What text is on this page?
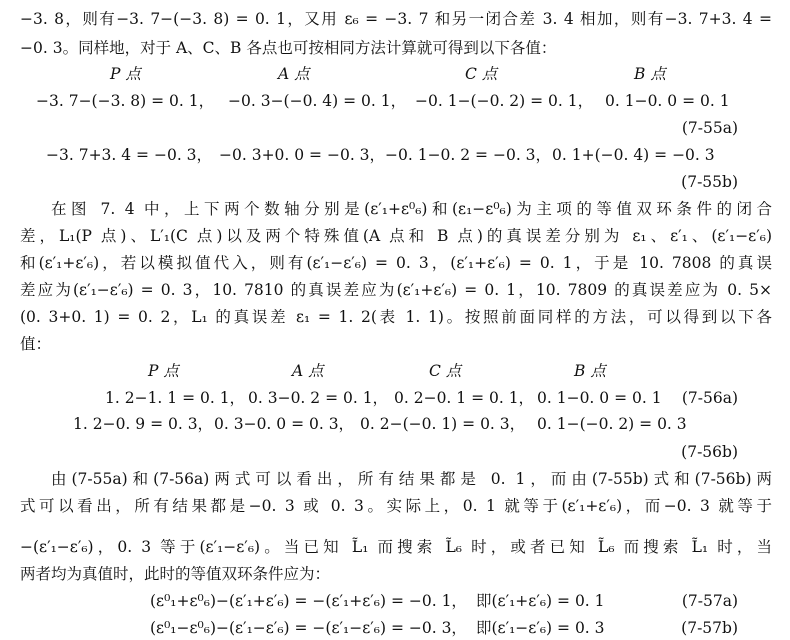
−3. 8，则有−3. 7−(−3. 8) = 0. 1，又用 ε₆ = −3. 7 和另一闭合差 3. 4 相加，则有−3. 7+3. 4 =
−0. 3。同样地，对于 A、C、B 各点也可按相同方法计算就可得到以下各值：
P 点	A 点	C 点	B 点
−3. 7−(−3. 8) = 0. 1， −0. 3−(−0. 4) = 0. 1， −0. 1−(−0. 2) = 0. 1， 0. 1−0. 0 = 0. 1
(7-55a)
−3. 7+3. 4 = −0. 3， −0. 3+0. 0 = −0. 3， −0. 1−0. 2 = −0. 3， 0. 1+(−0. 4) = −0. 3
(7-55b)
在图 7. 4 中，上下两个数轴分别是(ε′₁+ε⁰₆)和(ε₁−ε⁰₆)为主项的等值双环条件的闭合
差，L₁(P 点)、L′₁(C 点)以及两个特殊值(A 点和 B 点)的真误差分别为 ε₁、ε′₁、(ε′₁−ε′₆)
和(ε′₁+ε′₆)，若以模拟值代入，则有(ε′₁−ε′₆) = 0. 3，(ε′₁+ε′₆) = 0. 1，于是 10. 7808 的真误
差应为(ε′₁−ε′₆) = 0. 3，10. 7810 的真误差应为(ε′₁+ε′₆) = 0. 1，10. 7809 的真误差应为 0. 5×
(0. 3+0. 1) = 0. 2，L₁ 的真误差 ε₁ = 1. 2(表 1. 1)。按照前面同样的方法，可以得到以下各
值：
P 点	A 点	C 点	B 点
1. 2−1. 1 = 0. 1， 0. 3−0. 2 = 0. 1， 0. 2−0. 1 = 0. 1， 0. 1−0. 0 = 0. 1 (7-56a)
1. 2−0. 9 = 0. 3， 0. 3−0. 0 = 0. 3， 0. 2−(−0. 1) = 0. 3， 0. 1−(−0. 2) = 0. 3
(7-56b)
由(7-55a)和(7-56a)两式可以看出，所有结果都是 0. 1，而由(7-55b)式和(7-56b)两
式可以看出，所有结果都是−0. 3 或 0. 3。实际上，0. 1 就等于(ε′₁+ε′₆)，而−0. 3 就等于
−(ε′₁−ε′₆)，0. 3 等于(ε′₁−ε′₆)。当已知 L̃₁ 而搜索 L̃₆ 时，或者已知 L̃₆ 而搜索 L̃₁ 时，当
两者均为真值时，此时的等值双环条件应为：
(ε⁰₁+ε⁰₆)−(ε′₁+ε′₆) = −(ε′₁+ε′₆) = −0. 1， 即(ε′₁+ε′₆) = 0. 1	(7-57a)
(ε⁰₁−ε⁰₆)−(ε′₁−ε′₆) = −(ε′₁−ε′₆) = −0. 3， 即(ε′₁−ε′₆) = 0. 3	(7-57b)
